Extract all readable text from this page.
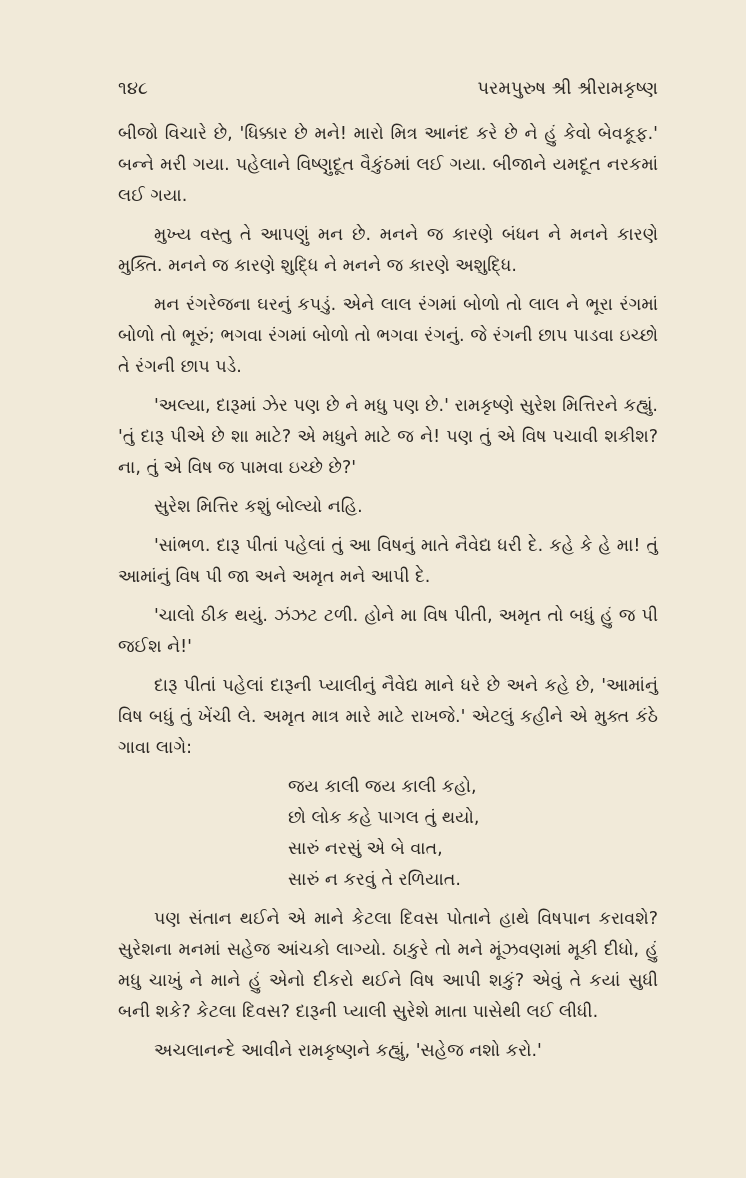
૧૪૮	પરમપુરુષ શ્રી શ્રીરામકૃષ્ણ

બીજો વિચારે છે, 'ધિક્કાર છે મને! મારો મિત્ર આનંદ કરે છે ને હું કેવો બેવકૂફ.' બન્ને મરી ગયા. પહેલાને વિષ્ણુદૂત વૈકુંઠમાં લઈ ગયા. બીજાને યમદૂત નરકમાં લઈ ગયા.

મુખ્ય વસ્તુ તે આપણું મન છે. મનને જ કારણે બંધન ને મનને કારણે મુક્તિ. મનને જ કારણે શુદ્ધિ ને મનને જ કારણે અશુદ્ધિ.

મન રંગરેજના ઘરનું કપડું. એને લાલ રંગમાં બોળો તો લાલ ને ભૂરા રંગમાં બોળો તો ભૂરું; ભગવા રંગમાં બોળો તો ભગવા રંગનું. જે રંગની છાપ પાડવા ઇચ્છો તે રંગની છાપ પડે.

'અલ્યા, દારૂમાં ઝેર પણ છે ને મધુ પણ છે.' રામકૃષ્ણે સુરેશ મિત્તિરને કહ્યું. 'તું દારૂ પીએ છે શા માટે? એ મધુને માટે જ ને! પણ તું એ વિષ પચાવી શકીશ? ના, તું એ વિષ જ પામવા ઇચ્છે છે?'

સુરેશ મિત્તિર કશું બોલ્યો નહિ.

'સાંભળ. દારૂ પીતાં પહેલાં તું આ વિષનું માતે નૈવેદ્ય ધરી દે. કહે કે હે મા! તું આમાંનું વિષ પી જા અને અમૃત મને આપી દે.

'ચાલો ઠીક થયું. ઝંઝટ ટળી. હોને મા વિષ પીતી, અમૃત તો બધું હું જ પી જઈશ ને!'

દારૂ પીતાં પહેલાં દારૂની પ્યાલીનું નૈવેદ્ય માને ધરે છે અને કહે છે, 'આમાંનું વિષ બધું તું ખેંચી લે. અમૃત માત્ર મારે માટે રાખજે.' એટલું કહીને એ મુક્ત કંઠે ગાવા લાગે:

જય કાલી જય કાલી કહો,
છો લોક કહે પાગલ તું થયો,
સારું નરસું એ બે વાત,
સારું ન કરવું તે રળિયાત.

પણ સંતાન થઈને એ માને કેટલા દિવસ પોતાને હાથે વિષપાન કરાવશે? સુરેશના મનમાં સહેજ આંચકો લાગ્યો. ઠાકુરે તો મને મૂંઝવણમાં મૂકી દીધો, હું મધુ ચાખું ને માને હું એનો દીકરો થઈને વિષ આપી શકું? એવું તે કયાં સુધી બની શકે? કેટલા દિવસ? દારૂની પ્યાલી સુરેશે માતા પાસેથી લઈ લીધી.

અચલાનન્દે આવીને રામકૃષ્ણને કહ્યું, 'સહેજ નશો કરો.'
